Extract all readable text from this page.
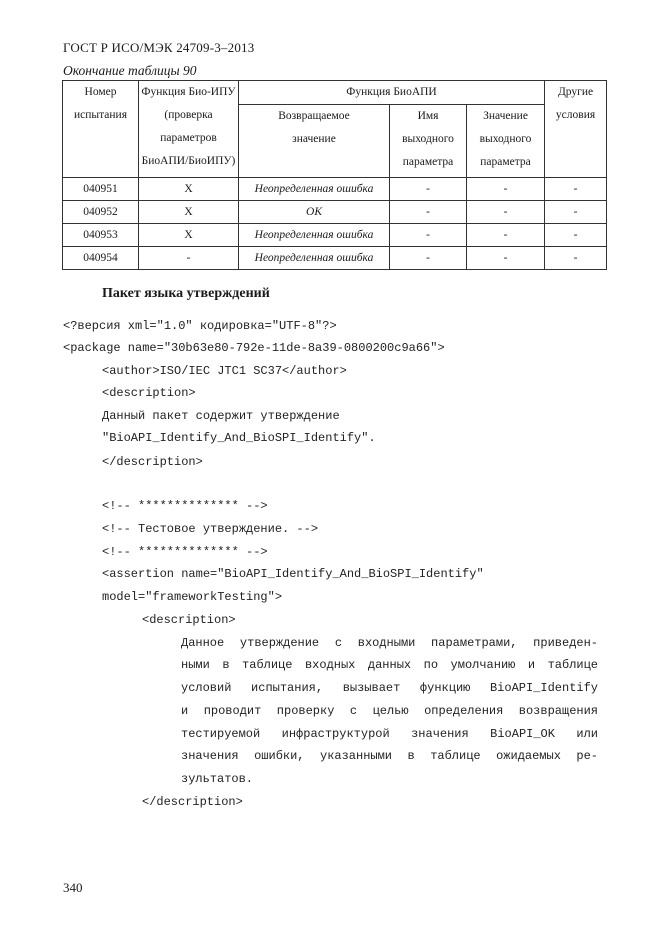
ГОСТ Р ИСО/МЭК 24709-3–2013
Окончание таблицы 90
Номер испытания	Функция Био-ИПУ (проверка параметров БиоАПИ/БиоИПУ)	Функция БиоАПИ			Другие условия
		Возвращаемое значение	Имя выходного параметра	Значение выходного параметра	
040951	Х	Неопределенная ошибка	-	-	-
040952	Х	ОК	-	-	-
040953	Х	Неопределенная ошибка	-	-	-
040954	-	Неопределенная ошибка	-	-	-
Пакет языка утверждений
<?версия xml="1.0" кодировка="UTF-8"?>
<package name="30b63e80-792e-11de-8a39-0800200c9a66">
<author>ISO/IEC JTC1 SC37</author>
<description>
Данный пакет содержит утверждение
"BioAPI_Identify_And_BioSPI_Identify".
</description>
<!-- ************** -->
<!-- Тестовое утверждение. -->
<!-- ************** -->
<assertion name="BioAPI_Identify_And_BioSPI_Identify"
model="frameworkTesting">
<description>
Данное утверждение с входными параметрами, приведен-
ными в таблице входных данных по умолчанию и таблице
условий испытания, вызывает функцию BioAPI_Identify
и проводит проверку с целью определения возвращения
тестируемой инфраструктурой значения BioAPI_OK или
значения ошибки, указанными в таблице ожидаемых ре-
зультатов.
</description>
340
